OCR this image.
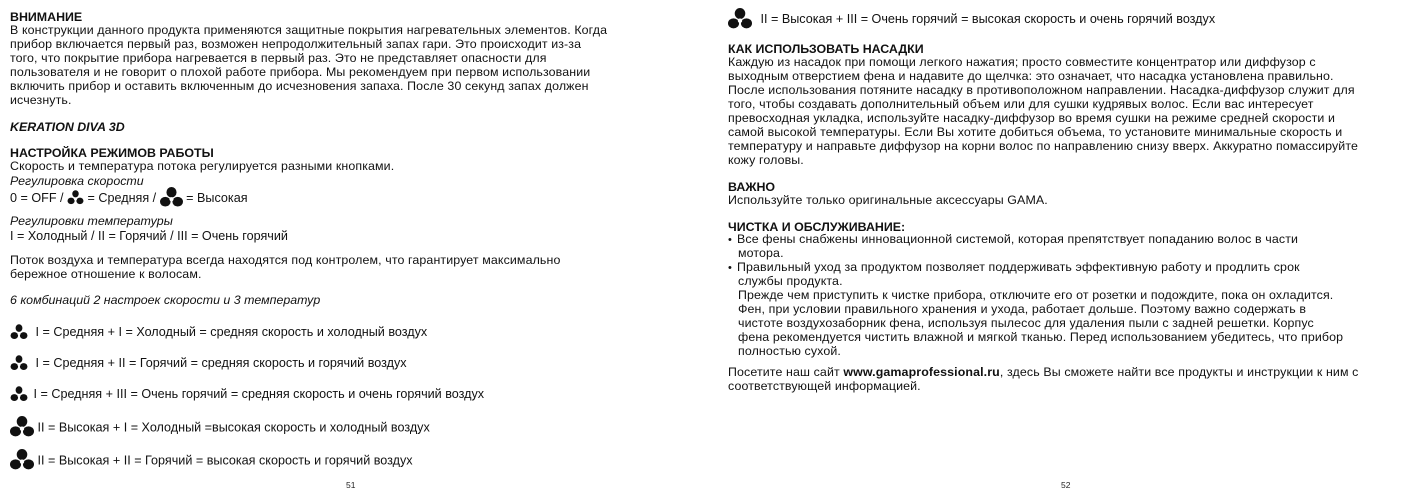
ВНИМАНИЕ
В конструкции данного продукта применяются защитные покрытия нагревательных элементов. Когда
прибор включается первый раз, возможен непродолжительный запах гари. Это происходит из-за
того, что покрытие прибора нагревается в первый раз. Это не представляет опасности для
пользователя и не говорит о плохой работе прибора. Мы рекомендуем при первом использовании
включить прибор и оставить включенным до исчезновения запаха. После 30 секунд запах должен
исчезнуть.
KERATION DIVA 3D
НАСТРОЙКА РЕЖИМОВ РАБОТЫ
Скорость и температура потока регулируется разными кнопками.
Регулировка скорости
0 = OFF / = Средняя / = Высокая
Регулировки температуры
I = Холодный / II = Горячий / III = Очень горячий
Поток воздуха и температура всегда находятся под контролем, что гарантирует максимально
бережное отношение к волосам.
6 комбинаций 2 настроек скорости и 3 температур
I = Средняя + I = Холодный = средняя скорость и холодный воздух
I = Средняя + II = Горячий = средняя скорость и горячий воздух
I = Средняя + III = Очень горячий = средняя скорость и очень горячий воздух
II = Высокая + I = Холодный =высокая скорость и холодный воздух
II = Высокая + II = Горячий = высокая скорость и горячий воздух
51
II = Высокая + III = Очень горячий = высокая скорость и очень горячий воздух
КАК ИСПОЛЬЗОВАТЬ НАСАДКИ
Каждую из насадок при помощи легкого нажатия; просто совместите концентратор или диффузор с
выходным отверстием фена и надавите до щелчка: это означает, что насадка установлена правильно.
После использования потяните насадку в противоположном направлении. Насадка-диффузор служит для
того, чтобы создавать дополнительный объем или для сушки кудрявых волос. Если вас интересует
превосходная укладка, используйте насадку-диффузор во время сушки на режиме средней скорости и
самой высокой температуры. Если Вы хотите добиться объема, то установите минимальные скорость и
температуру и направьте диффузор на корни волос по направлению снизу вверх. Аккуратно помассируйте
кожу головы.
ВАЖНО
Используйте только оригинальные аксессуары GAMA.
ЧИСТКА И ОБСЛУЖИВАНИЕ:
• Все фены снабжены инновационной системой, которая препятствует попаданию волос в части
мотора.
• Правильный уход за продуктом позволяет поддерживать эффективную работу и продлить срок
службы продукта.
Прежде чем приступить к чистке прибора, отключите его от розетки и подождите, пока он охладится.
Фен, при условии правильного хранения и ухода, работает дольше. Поэтому важно содержать в
чистоте воздухозаборник фена, используя пылесос для удаления пыли с задней решетки. Корпус
фена рекомендуется чистить влажной и мягкой тканью. Перед использованием убедитесь, что прибор
полностью сухой.
Посетите наш сайт www.gamaprofessional.ru, здесь Вы сможете найти все продукты и инструкции к ним с
соответствующей информацией.
52
